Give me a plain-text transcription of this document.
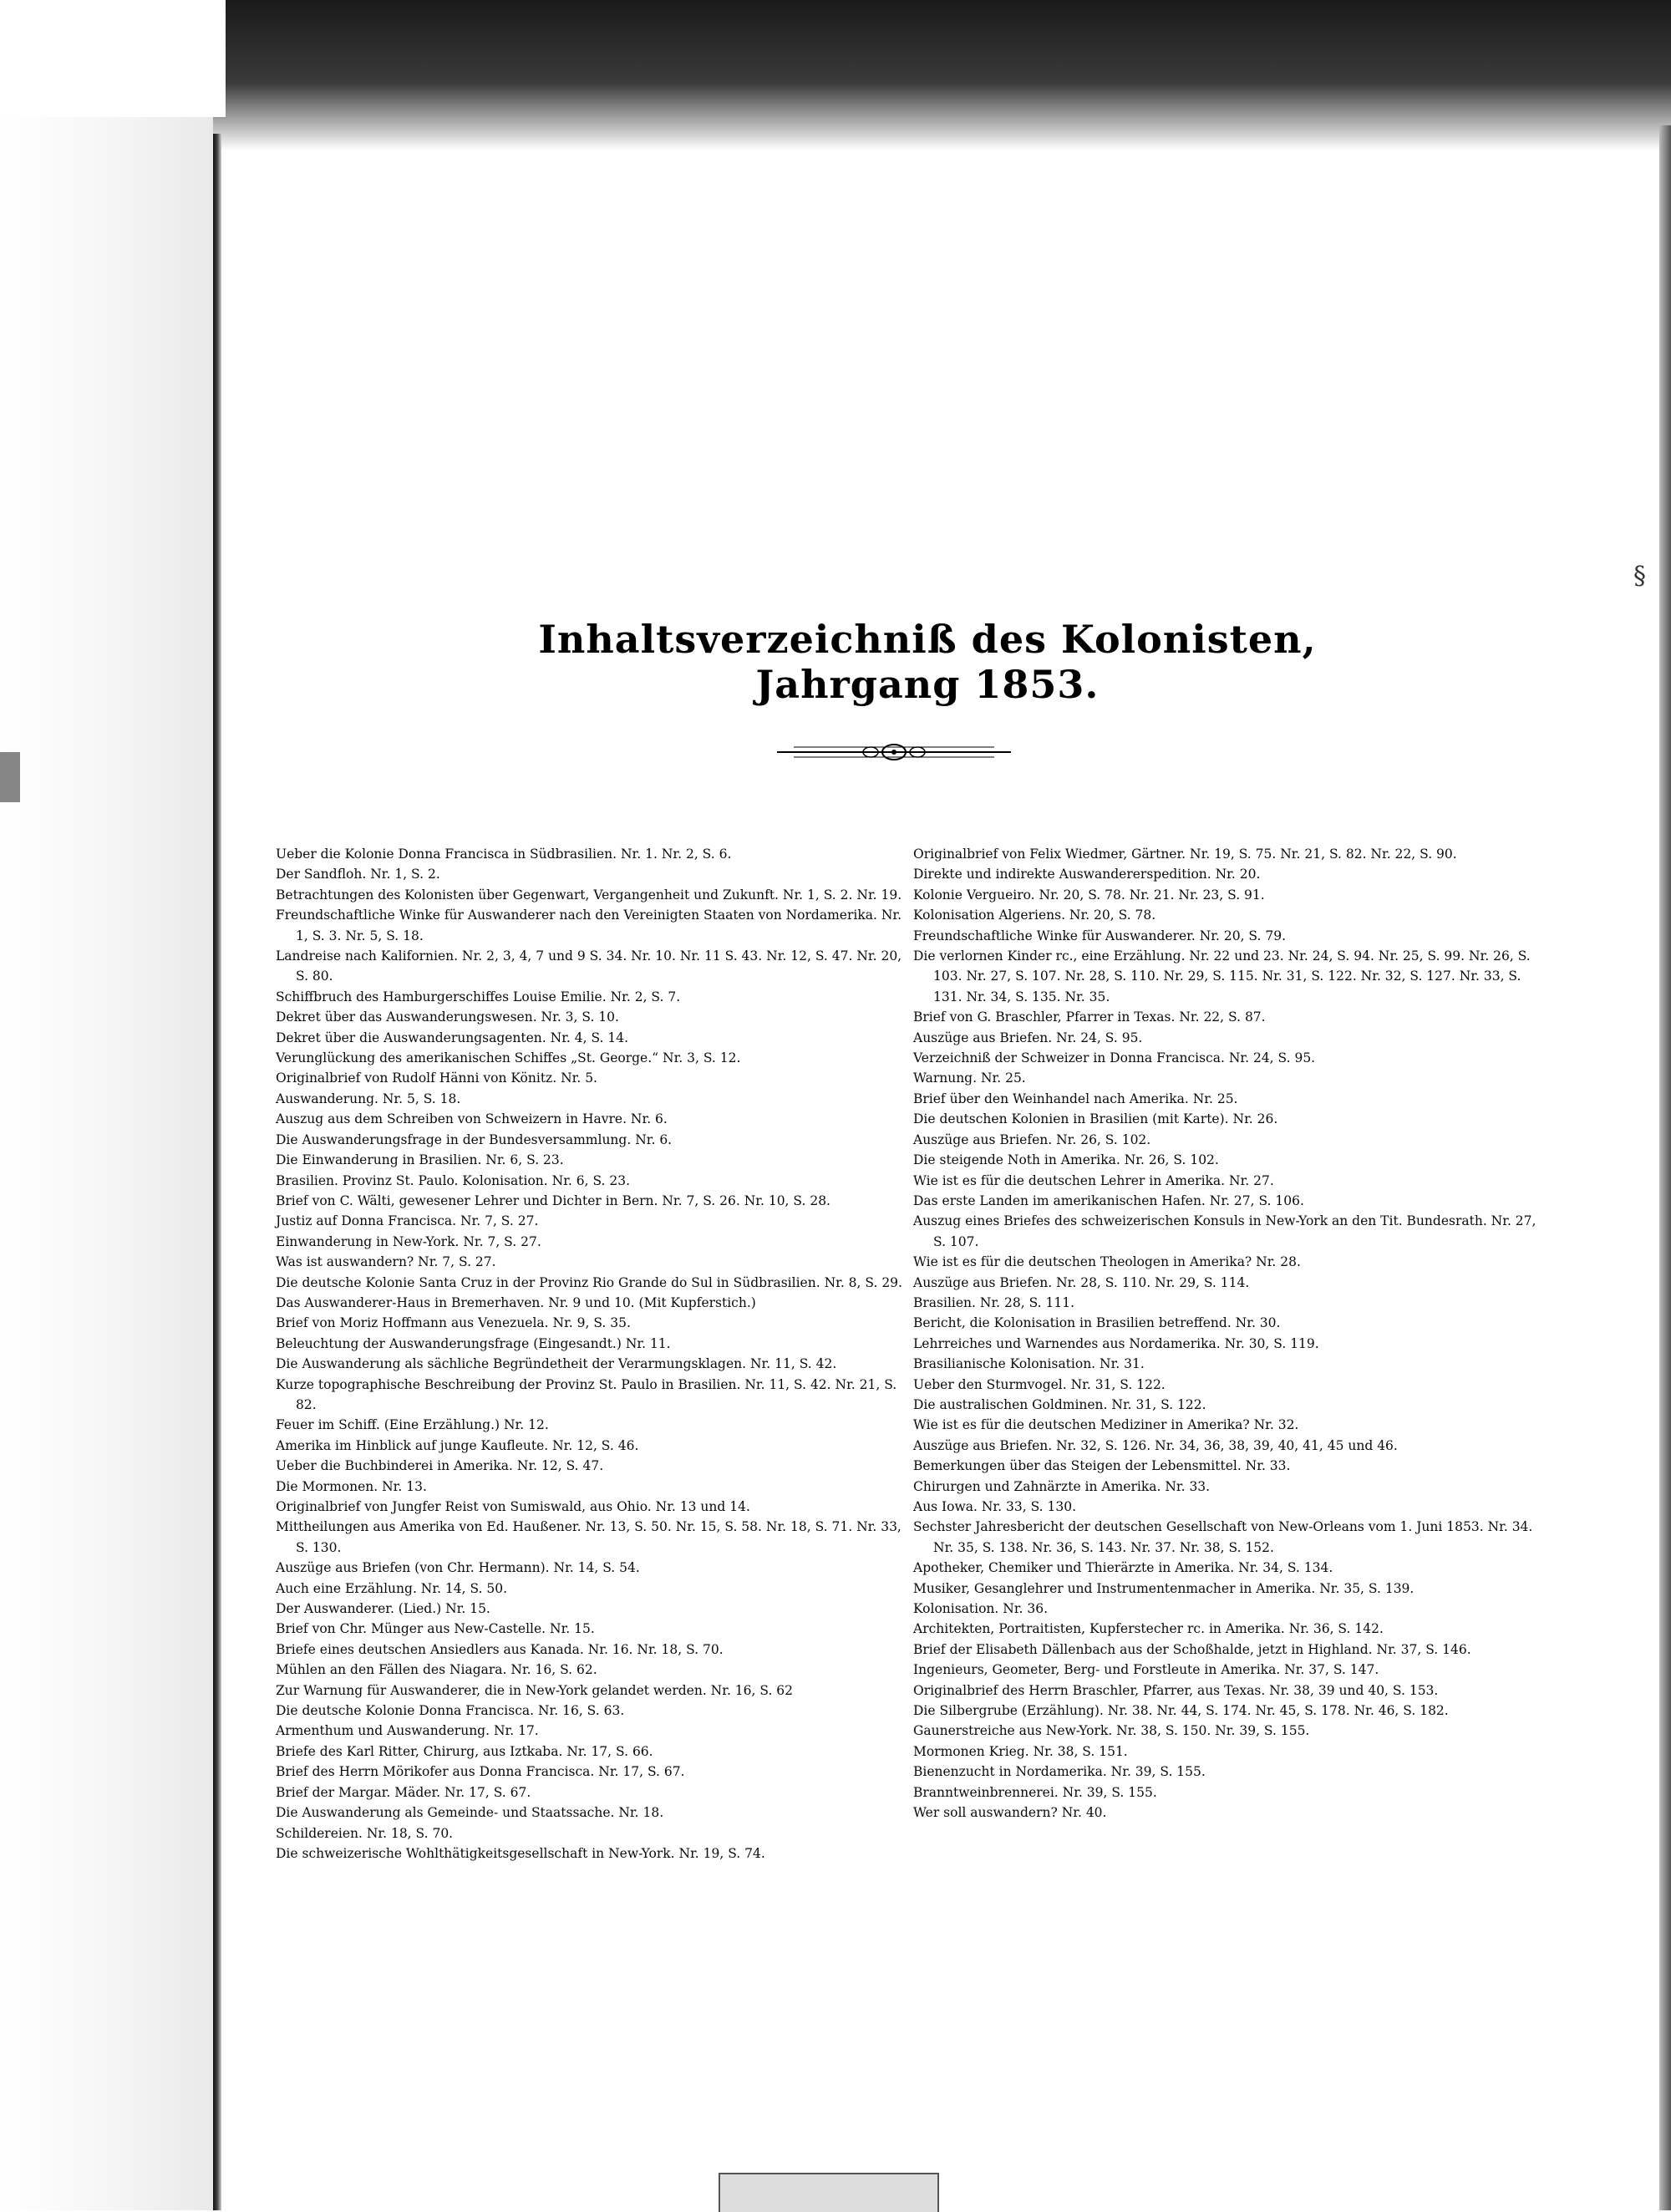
§
Inhaltsverzeichniß des Kolonisten, Jahrgang 1853.
Ueber die Kolonie Donna Francisca in Südbrasilien. Nr. 1. Nr. 2, S. 6.
Der Sandfloh. Nr. 1, S. 2.
Betrachtungen des Kolonisten über Gegenwart, Vergangenheit und Zukunft. Nr. 1, S. 2. Nr. 19.
Freundschaftliche Winke für Auswanderer nach den Vereinigten Staaten von Nordamerika. Nr. 1, S. 3. Nr. 5, S. 18.
Landreise nach Kalifornien. Nr. 2, 3, 4, 7 und 9 S. 34. Nr. 10. Nr. 11 S. 43. Nr. 12, S. 47. Nr. 20, S. 80.
Schiffbruch des Hamburgerschiffes Louise Emilie. Nr. 2, S. 7.
Dekret über das Auswanderungswesen. Nr. 3, S. 10.
Dekret über die Auswanderungsagenten. Nr. 4, S. 14.
Verunglückung des amerikanischen Schiffes „St. George.“ Nr. 3, S. 12.
Originalbrief von Rudolf Hänni von Könitz. Nr. 5.
Auswanderung. Nr. 5, S. 18.
Auszug aus dem Schreiben von Schweizern in Havre. Nr. 6.
Die Auswanderungsfrage in der Bundesversammlung. Nr. 6.
Die Einwanderung in Brasilien. Nr. 6, S. 23.
Brasilien. Provinz St. Paulo. Kolonisation. Nr. 6, S. 23.
Brief von C. Wälti, gewesener Lehrer und Dichter in Bern. Nr. 7, S. 26. Nr. 10, S. 28.
Justiz auf Donna Francisca. Nr. 7, S. 27.
Einwanderung in New-York. Nr. 7, S. 27.
Was ist auswandern? Nr. 7, S. 27.
Die deutsche Kolonie Santa Cruz in der Provinz Rio Grande do Sul in Südbrasilien. Nr. 8, S. 29.
Das Auswanderer-Haus in Bremerhaven. Nr. 9 und 10. (Mit Kupferstich.)
Brief von Moriz Hoffmann aus Venezuela. Nr. 9, S. 35.
Beleuchtung der Auswanderungsfrage (Eingesandt.) Nr. 11.
Die Auswanderung als sächliche Begründetheit der Verarmungsklagen. Nr. 11, S. 42.
Kurze topographische Beschreibung der Provinz St. Paulo in Brasilien. Nr. 11, S. 42. Nr. 21, S. 82.
Feuer im Schiff. (Eine Erzählung.) Nr. 12.
Amerika im Hinblick auf junge Kaufleute. Nr. 12, S. 46.
Ueber die Buchbinderei in Amerika. Nr. 12, S. 47.
Die Mormonen. Nr. 13.
Originalbrief von Jungfer Reist von Sumiswald, aus Ohio. Nr. 13 und 14.
Mittheilungen aus Amerika von Ed. Haußener. Nr. 13, S. 50. Nr. 15, S. 58. Nr. 18, S. 71. Nr. 33, S. 130.
Auszüge aus Briefen (von Chr. Hermann). Nr. 14, S. 54.
Auch eine Erzählung. Nr. 14, S. 50.
Der Auswanderer. (Lied.) Nr. 15.
Brief von Chr. Münger aus New-Castelle. Nr. 15.
Briefe eines deutschen Ansiedlers aus Kanada. Nr. 16. Nr. 18, S. 70.
Mühlen an den Fällen des Niagara. Nr. 16, S. 62.
Zur Warnung für Auswanderer, die in New-York gelandet werden. Nr. 16, S. 62
Die deutsche Kolonie Donna Francisca. Nr. 16, S. 63.
Armenthum und Auswanderung. Nr. 17.
Briefe des Karl Ritter, Chirurg, aus Iztkaba. Nr. 17, S. 66.
Brief des Herrn Mörikofer aus Donna Francisca. Nr. 17, S. 67.
Brief der Margar. Mäder. Nr. 17, S. 67.
Die Auswanderung als Gemeinde- und Staatssache. Nr. 18.
Schildereien. Nr. 18, S. 70.
Die schweizerische Wohlthätigkeitsgesellschaft in New-York. Nr. 19, S. 74.
Originalbrief von Felix Wiedmer, Gärtner. Nr. 19, S. 75. Nr. 21, S. 82. Nr. 22, S. 90.
Direkte und indirekte Auswandererspedition. Nr. 20.
Kolonie Vergueiro. Nr. 20, S. 78. Nr. 21. Nr. 23, S. 91.
Kolonisation Algeriens. Nr. 20, S. 78.
Freundschaftliche Winke für Auswanderer. Nr. 20, S. 79.
Die verlornen Kinder rc., eine Erzählung. Nr. 22 und 23. Nr. 24, S. 94. Nr. 25, S. 99. Nr. 26, S. 103. Nr. 27, S. 107. Nr. 28, S. 110. Nr. 29, S. 115. Nr. 31, S. 122. Nr. 32, S. 127. Nr. 33, S. 131. Nr. 34, S. 135. Nr. 35.
Brief von G. Braschler, Pfarrer in Texas. Nr. 22, S. 87.
Auszüge aus Briefen. Nr. 24, S. 95.
Verzeichniß der Schweizer in Donna Francisca. Nr. 24, S. 95.
Warnung. Nr. 25.
Brief über den Weinhandel nach Amerika. Nr. 25.
Die deutschen Kolonien in Brasilien (mit Karte). Nr. 26.
Auszüge aus Briefen. Nr. 26, S. 102.
Die steigende Noth in Amerika. Nr. 26, S. 102.
Wie ist es für die deutschen Lehrer in Amerika. Nr. 27.
Das erste Landen im amerikanischen Hafen. Nr. 27, S. 106.
Auszug eines Briefes des schweizerischen Konsuls in New-York an den Tit. Bundesrath. Nr. 27, S. 107.
Wie ist es für die deutschen Theologen in Amerika? Nr. 28.
Auszüge aus Briefen. Nr. 28, S. 110. Nr. 29, S. 114.
Brasilien. Nr. 28, S. 111.
Bericht, die Kolonisation in Brasilien betreffend. Nr. 30.
Lehrreiches und Warnendes aus Nordamerika. Nr. 30, S. 119.
Brasilianische Kolonisation. Nr. 31.
Ueber den Sturmvogel. Nr. 31, S. 122.
Die australischen Goldminen. Nr. 31, S. 122.
Wie ist es für die deutschen Mediziner in Amerika? Nr. 32.
Auszüge aus Briefen. Nr. 32, S. 126. Nr. 34, 36, 38, 39, 40, 41, 45 und 46.
Bemerkungen über das Steigen der Lebensmittel. Nr. 33.
Chirurgen und Zahnärzte in Amerika. Nr. 33.
Aus Iowa. Nr. 33, S. 130.
Sechster Jahresbericht der deutschen Gesellschaft von New-Orleans vom 1. Juni 1853. Nr. 34. Nr. 35, S. 138. Nr. 36, S. 143. Nr. 37. Nr. 38, S. 152.
Apotheker, Chemiker und Thierärzte in Amerika. Nr. 34, S. 134.
Musiker, Gesanglehrer und Instrumentenmacher in Amerika. Nr. 35, S. 139.
Kolonisation. Nr. 36.
Architekten, Portraitisten, Kupferstecher rc. in Amerika. Nr. 36, S. 142.
Brief der Elisabeth Dällenbach aus der Schoßhalde, jetzt in Highland. Nr. 37, S. 146.
Ingenieurs, Geometer, Berg- und Forstleute in Amerika. Nr. 37, S. 147.
Originalbrief des Herrn Braschler, Pfarrer, aus Texas. Nr. 38, 39 und 40, S. 153.
Die Silbergrube (Erzählung). Nr. 38. Nr. 44, S. 174. Nr. 45, S. 178. Nr. 46, S. 182.
Gaunerstreiche aus New-York. Nr. 38, S. 150. Nr. 39, S. 155.
Mormonen Krieg. Nr. 38, S. 151.
Bienenzucht in Nordamerika. Nr. 39, S. 155.
Branntweinbrennerei. Nr. 39, S. 155.
Wer soll auswandern? Nr. 40.
